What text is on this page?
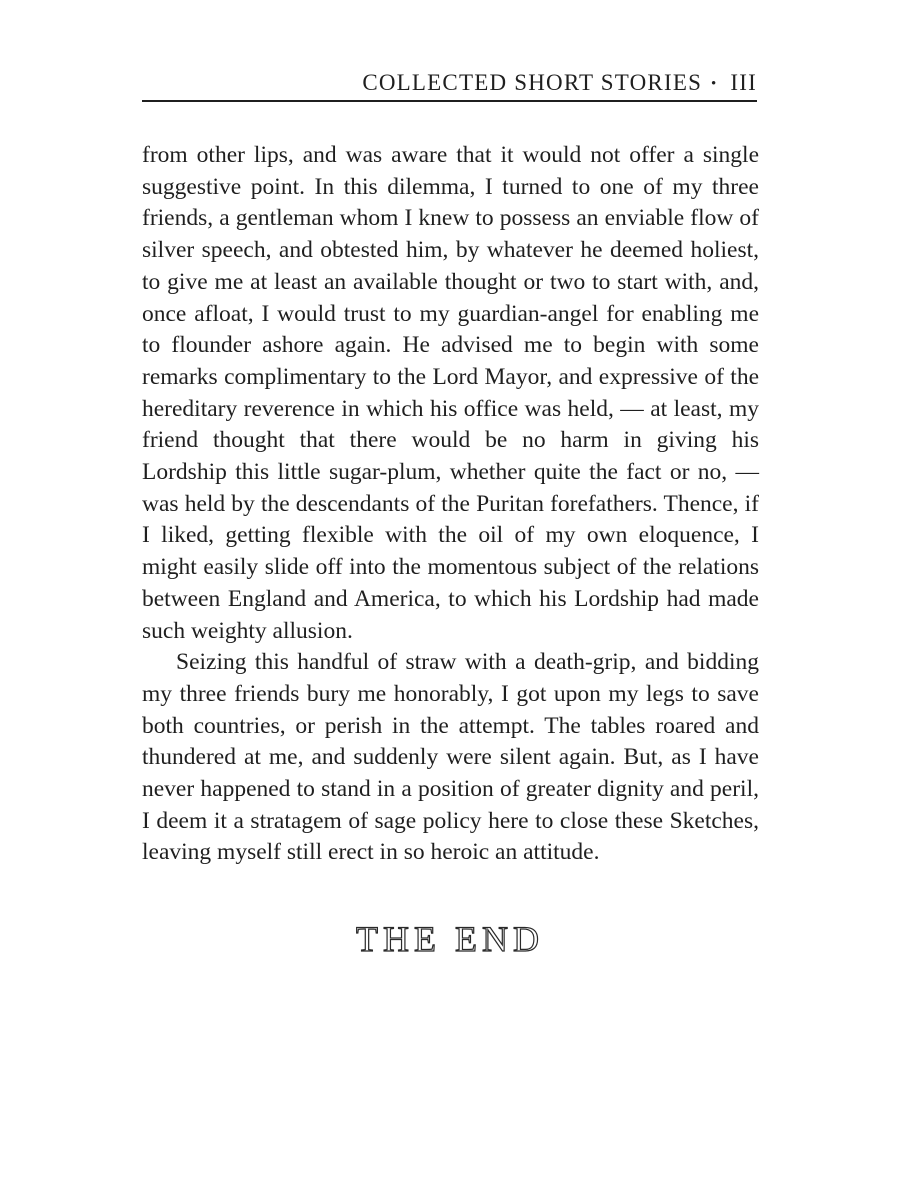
COLLECTED SHORT STORIES • III

from other lips, and was aware that it would not offer a single suggestive point. In this dilemma, I turned to one of my three friends, a gentleman whom I knew to possess an enviable flow of silver speech, and obtested him, by whatever he deemed holiest, to give me at least an available thought or two to start with, and, once afloat, I would trust to my guardian-angel for enabling me to flounder ashore again. He advised me to begin with some remarks complimentary to the Lord Mayor, and expressive of the hereditary reverence in which his office was held, — at least, my friend thought that there would be no harm in giving his Lordship this little sugar-plum, whether quite the fact or no, — was held by the descendants of the Puritan forefathers. Thence, if I liked, getting flexible with the oil of my own eloquence, I might easily slide off into the momentous subject of the relations between England and America, to which his Lordship had made such weighty allusion.

Seizing this handful of straw with a death-grip, and bidding my three friends bury me honorably, I got upon my legs to save both countries, or perish in the attempt. The tables roared and thundered at me, and suddenly were silent again. But, as I have never happened to stand in a position of greater dignity and peril, I deem it a stratagem of sage policy here to close these Sketches, leaving myself still erect in so heroic an attitude.

THE END
